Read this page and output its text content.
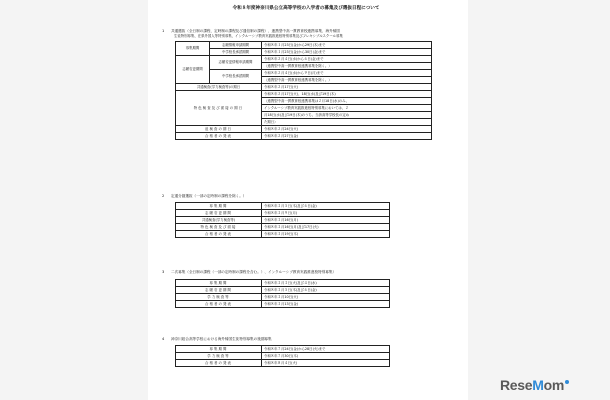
令和８年度神奈川県公立高等学校の入学者の募集及び選抜日程について
1 共通選抜（全日制の課程、定時制の課程及び通信制の課程）、連携型中高一貫教育校連携募集、海外帰国
生徒特別募集、在県外国人等特別募集、インクルーシブ教育実践推進校特別募集及びフレキシブルスクール募集
募集期間	志願情報申請期間	令和８年１月23日(金)から29日(木)まで
	中学校長承認期間	令和８年１月23日(金)から30日(金)まで
志願変更期間	志願変更情報申請期間	令和８年２月４日(水)から６日(金)まで
		（連携型中高一貫教育校連携募集を除く。）
	中学校長承認期間	令和８年２月４日(水)から９日(月)まで
		（連携型中高一貫教育校連携募集を除く。）
共通検査(学力検査等)の期日		令和８年２月17日(火)
特色検査及び面接の期日		令和８年２月17日(火)、18日(水)及び19日(木)
		（連携型中高一貫教育校連携募集は２月18日(水)のみ、
		インクルーシブ教育実践推進校特別募集においては、２
		月18日(水)及び19日(木)のうち、当該高等学校長の定め
		た期日）
追検査の期日		令和８年２月24日(火)
合格者の発表		令和８年２月27日(金)
2 定通分割選抜（一部の定時制の課程を除く。）
募集期間	令和８年３月５日(木)及び６日(金)
志願変更期間	令和８年３月９日(月)
共通検査(学力検査等)	令和８年３月16日(月)
特色検査及び面接	令和８年３月16日(月)及び17日(火)
合格者の発表	令和８年３月19日(木)
3 二次募集（全日制の課程（一部の定時制の課程を含む。）、インクルーシブ教育実践推進校特別募集）
募集期間	令和８年３月３日(火)及び４日(水)
志願変更期間	令和８年３月５日(木)及び６日(金)
学力検査等	令和８年３月10日(火)
合格者の発表	令和８年３月13日(金)
4 神奈川総合高等学校における海外帰国生徒特別募集の後期募集
募集期間	令和８年７月24日(金)から28日(火)まで
学力検査等	令和８年７月30日(木)
合格者の発表	令和８年８月４日(火)
ReseMom
